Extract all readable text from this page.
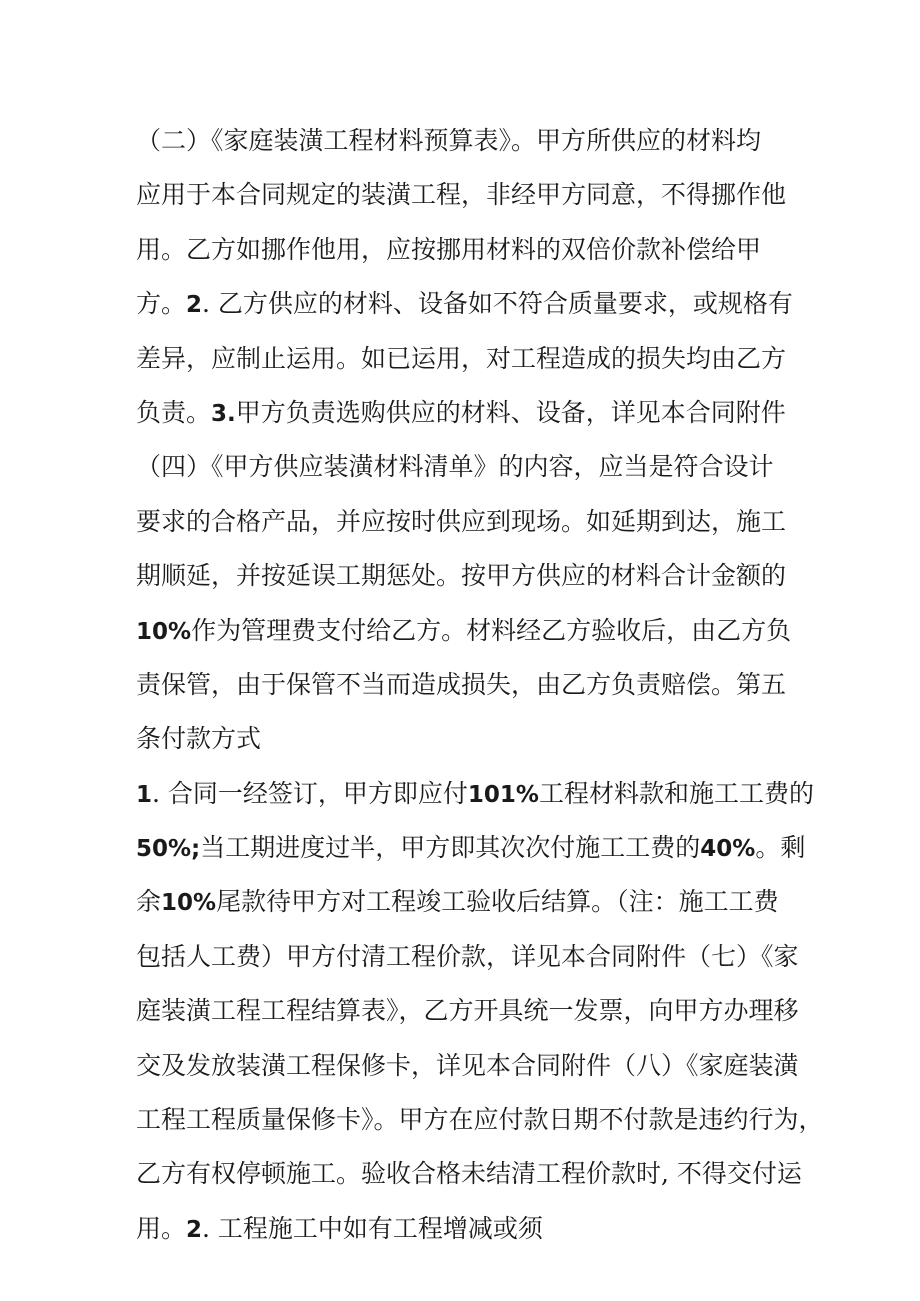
（二）《家庭装潢工程材料预算表》。甲方所供应的材料均
应用于本合同规定的装潢工程，非经甲方同意，不得挪作他
用。乙方如挪作他用，应按挪用材料的双倍价款补偿给甲
方。2. 乙方供应的材料、设备如不符合质量要求，或规格有
差异，应制止运用。如已运用，对工程造成的损失均由乙方
负责。3.甲方负责选购供应的材料、设备，详见本合同附件
（四）《甲方供应装潢材料清单》的内容，应当是符合设计
要求的合格产品，并应按时供应到现场。如延期到达，施工
期顺延，并按延误工期惩处。按甲方供应的材料合计金额的
10%作为管理费支付给乙方。材料经乙方验收后，由乙方负
责保管，由于保管不当而造成损失，由乙方负责赔偿。第五
条付款方式
1. 合同一经签订，甲方即应付101%工程材料款和施工工费的
50%;当工期进度过半，甲方即其次次付施工工费的40%。剩
余10%尾款待甲方对工程竣工验收后结算。（注：施工工费
包括人工费）甲方付清工程价款，详见本合同附件（七）《家
庭装潢工程工程结算表》，乙方开具统一发票，向甲方办理移
交及发放装潢工程保修卡，详见本合同附件（八）《家庭装潢
工程工程质量保修卡》。甲方在应付款日期不付款是违约行为，
乙方有权停顿施工。验收合格未结清工程价款时, 不得交付运
用。2. 工程施工中如有工程增减或须
